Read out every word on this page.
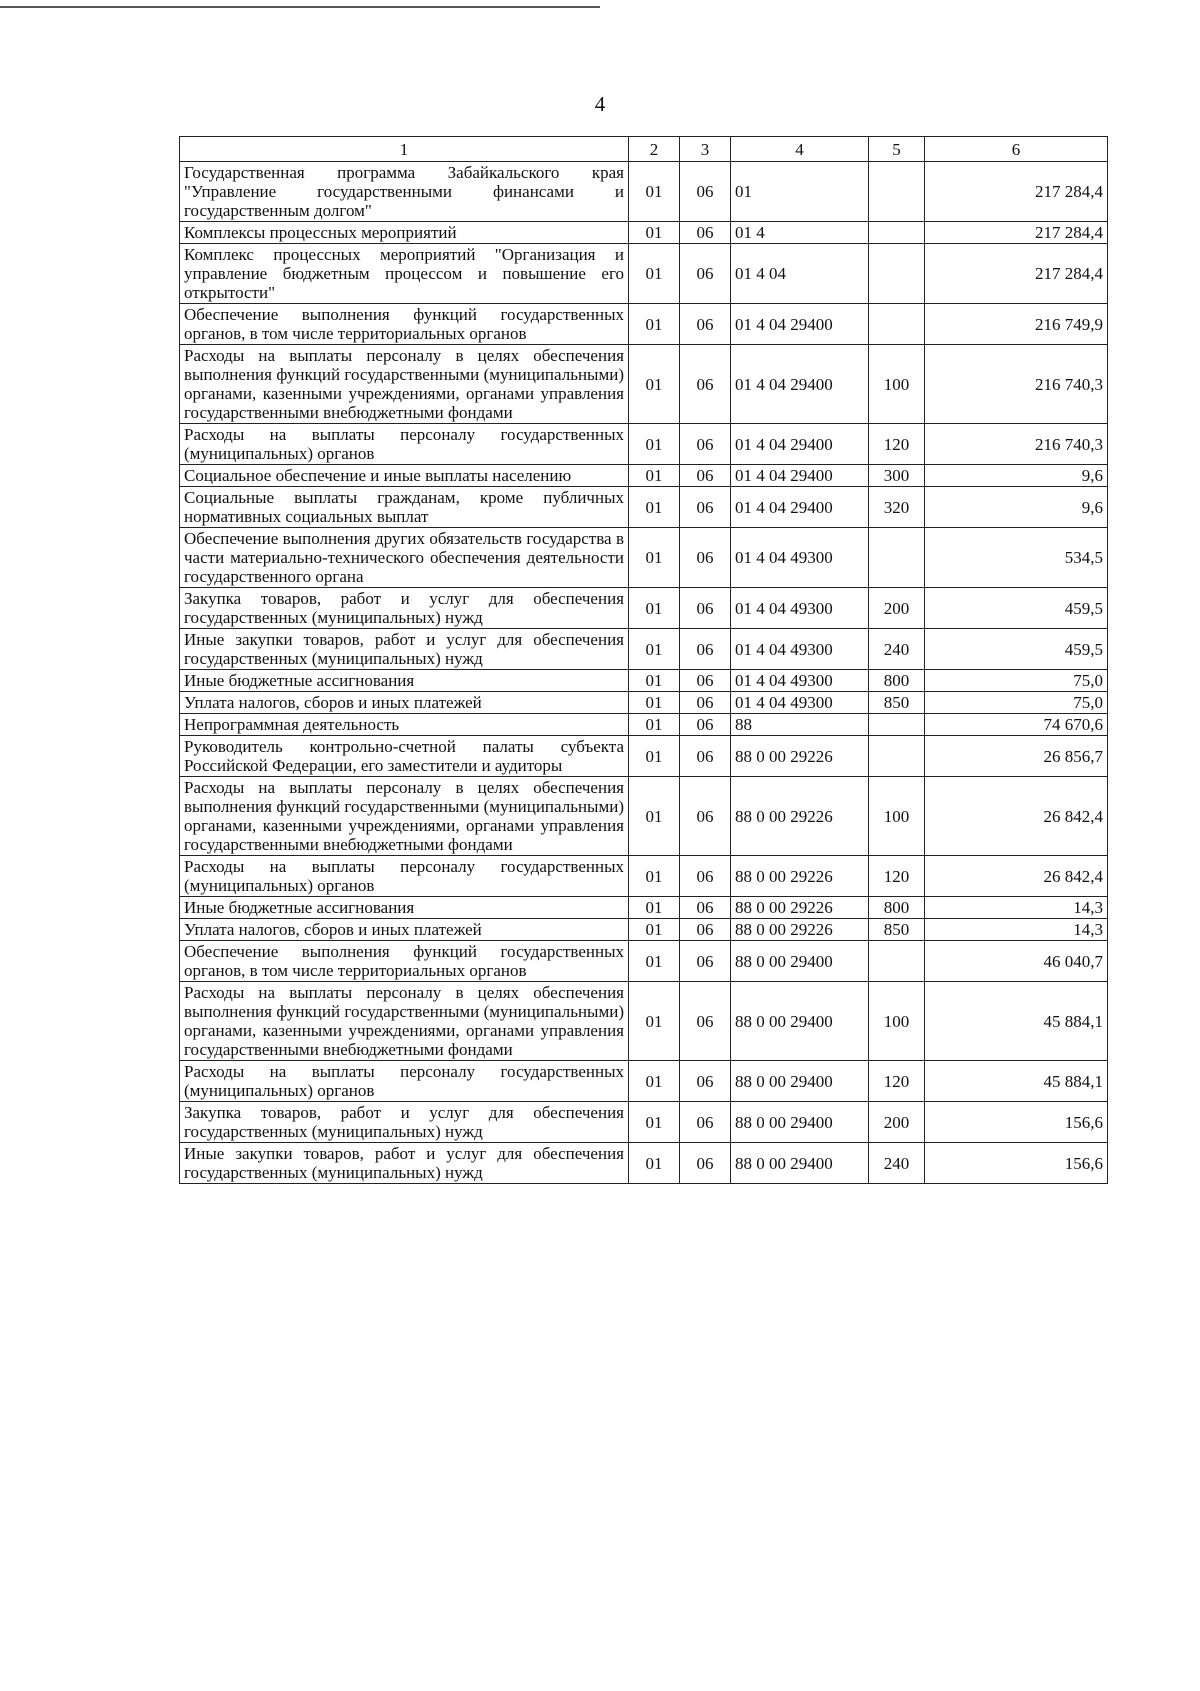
4
1	2	3	4	5	6
Государственная программа Забайкальского края "Управление государственными финансами и государственным долгом"	01	06	01		217 284,4
Комплексы процессных мероприятий	01	06	01 4		217 284,4
Комплекс процессных мероприятий "Организация и управление бюджетным процессом и повышение его открытости"	01	06	01 4 04		217 284,4
Обеспечение выполнения функций государственных органов, в том числе территориальных органов	01	06	01 4 04 29400		216 749,9
Расходы на выплаты персоналу в целях обеспечения выполнения функций государственными (муниципальными) органами, казенными учреждениями, органами управления государственными внебюджетными фондами	01	06	01 4 04 29400	100	216 740,3
Расходы на выплаты персоналу государственных (муниципальных) органов	01	06	01 4 04 29400	120	216 740,3
Социальное обеспечение и иные выплаты населению	01	06	01 4 04 29400	300	9,6
Социальные выплаты гражданам, кроме публичных нормативных социальных выплат	01	06	01 4 04 29400	320	9,6
Обеспечение выполнения других обязательств государства в части материально-технического обеспечения деятельности государственного органа	01	06	01 4 04 49300		534,5
Закупка товаров, работ и услуг для обеспечения государственных (муниципальных) нужд	01	06	01 4 04 49300	200	459,5
Иные закупки товаров, работ и услуг для обеспечения государственных (муниципальных) нужд	01	06	01 4 04 49300	240	459,5
Иные бюджетные ассигнования	01	06	01 4 04 49300	800	75,0
Уплата налогов, сборов и иных платежей	01	06	01 4 04 49300	850	75,0
Непрограммная деятельность	01	06	88		74 670,6
Руководитель контрольно-счетной палаты субъекта Российской Федерации, его заместители и аудиторы	01	06	88 0 00 29226		26 856,7
Расходы на выплаты персоналу в целях обеспечения выполнения функций государственными (муниципальными) органами, казенными учреждениями, органами управления государственными внебюджетными фондами	01	06	88 0 00 29226	100	26 842,4
Расходы на выплаты персоналу государственных (муниципальных) органов	01	06	88 0 00 29226	120	26 842,4
Иные бюджетные ассигнования	01	06	88 0 00 29226	800	14,3
Уплата налогов, сборов и иных платежей	01	06	88 0 00 29226	850	14,3
Обеспечение выполнения функций государственных органов, в том числе территориальных органов	01	06	88 0 00 29400		46 040,7
Расходы на выплаты персоналу в целях обеспечения выполнения функций государственными (муниципальными) органами, казенными учреждениями, органами управления государственными внебюджетными фондами	01	06	88 0 00 29400	100	45 884,1
Расходы на выплаты персоналу государственных (муниципальных) органов	01	06	88 0 00 29400	120	45 884,1
Закупка товаров, работ и услуг для обеспечения государственных (муниципальных) нужд	01	06	88 0 00 29400	200	156,6
Иные закупки товаров, работ и услуг для обеспечения государственных (муниципальных) нужд	01	06	88 0 00 29400	240	156,6
